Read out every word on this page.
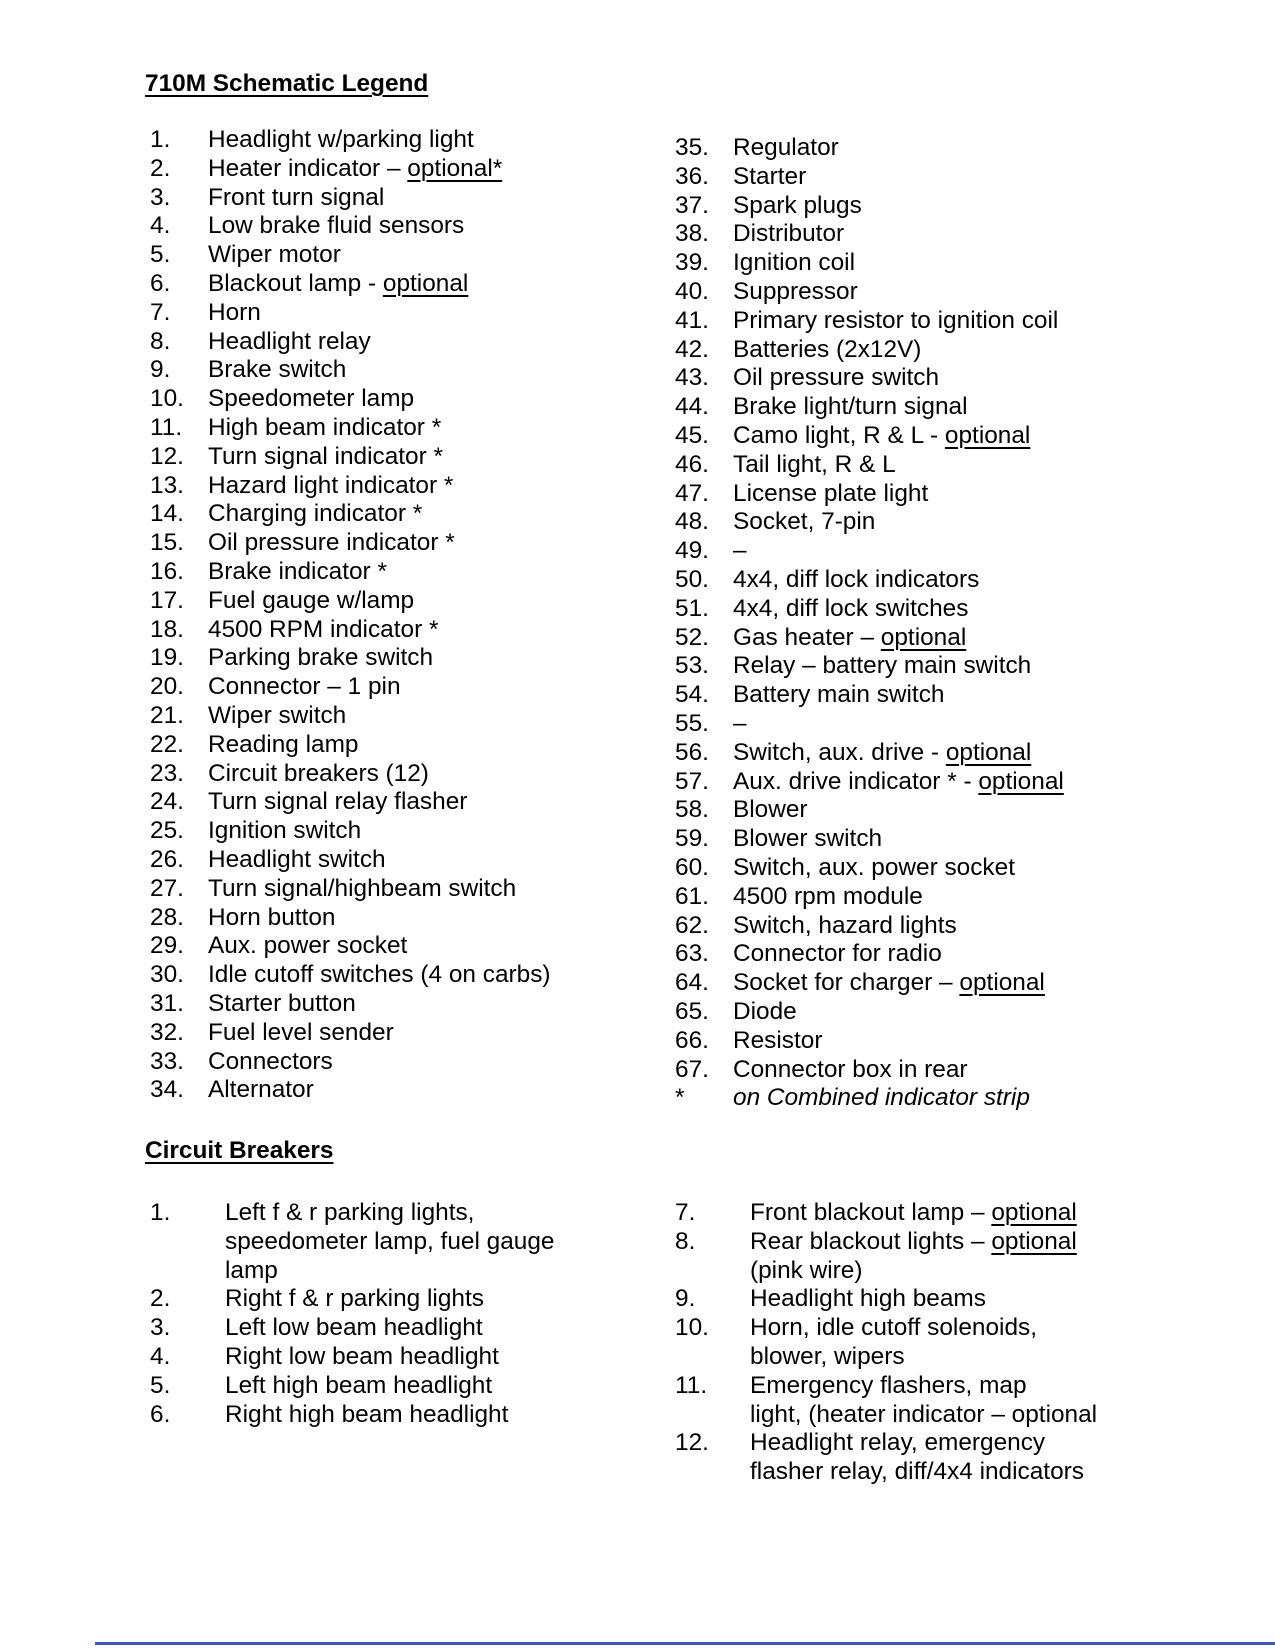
710M Schematic Legend
1.	Headlight w/parking light
2.	Heater indicator – optional*
3.	Front turn signal
4.	Low brake fluid sensors
5.	Wiper motor
6.	Blackout lamp - optional
7.	Horn
8.	Headlight relay
9.	Brake switch
10. Speedometer lamp
11.	High beam indicator *
12. Turn signal indicator *
13. Hazard light indicator *
14. Charging indicator *
15. Oil pressure indicator *
16. Brake indicator *
17. Fuel gauge w/lamp
18. 4500 RPM indicator *
19. Parking brake switch
20. Connector – 1 pin
21. Wiper switch
22. Reading lamp
23. Circuit breakers (12)
24. Turn signal relay flasher
25. Ignition switch
26. Headlight switch
27. Turn signal/highbeam switch
28. Horn button
29. Aux. power socket
30. Idle cutoff switches (4 on carbs)
31. Starter button
32. Fuel level sender
33. Connectors
34. Alternator
35. Regulator
36. Starter
37. Spark plugs
38. Distributor
39. Ignition coil
40. Suppressor
41. Primary resistor to ignition coil
42. Batteries (2x12V)
43. Oil pressure switch
44. Brake light/turn signal
45. Camo light, R & L - optional
46. Tail light, R & L
47. License plate light
48. Socket, 7-pin
49. –
50. 4x4, diff lock indicators
51. 4x4, diff lock switches
52. Gas heater – optional
53. Relay – battery main switch
54. Battery main switch
55. –
56. Switch, aux. drive - optional
57. Aux. drive indicator * - optional
58. Blower
59. Blower switch
60. Switch, aux. power socket
61. 4500 rpm module
62. Switch, hazard lights
63. Connector for radio
64. Socket for charger – optional
65. Diode
66. Resistor
67. Connector box in rear
*	on Combined indicator strip
Circuit Breakers
1.	Left f & r parking lights,
speedometer lamp, fuel gauge
lamp
2.	Right f & r parking lights
3.	Left low beam headlight
4.	Right low beam headlight
5.	Left high beam headlight
6.	Right high beam headlight
7.	Front blackout lamp – optional
8.	Rear blackout lights – optional
(pink wire)
9.	Headlight high beams
10.	Horn, idle cutoff solenoids,
blower, wipers
11.	Emergency flashers, map
light, (heater indicator – optional
12.	Headlight relay, emergency
flasher relay, diff/4x4 indicators
